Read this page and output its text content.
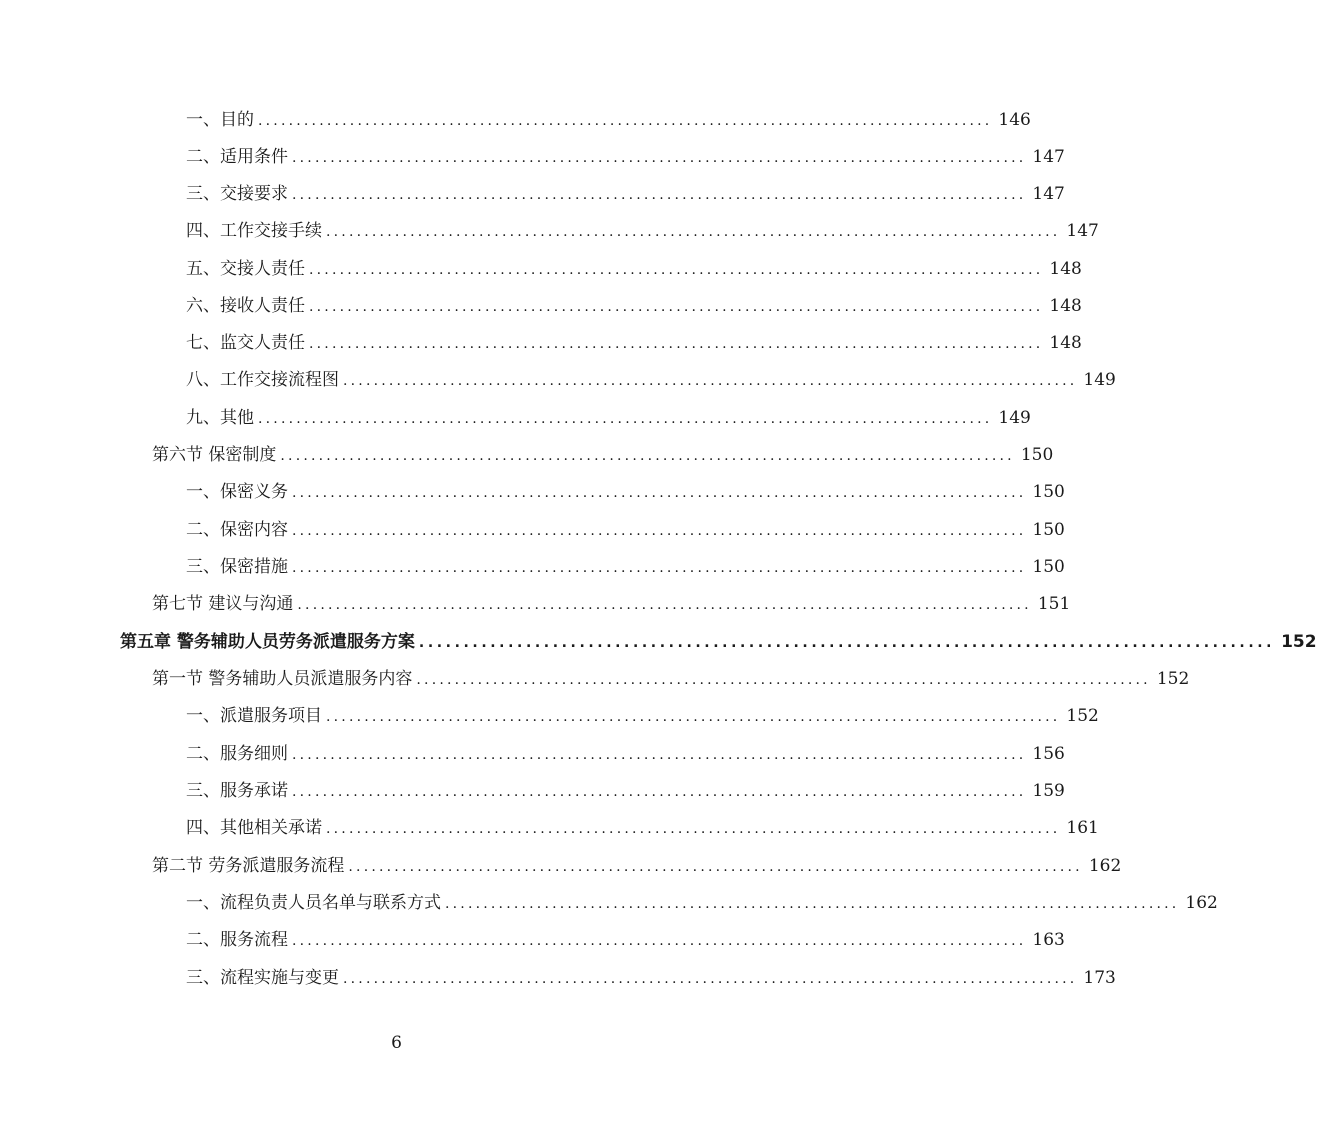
一、目的 ................................................................................................ 146
二、适用条件 ................................................................................................ 147
三、交接要求 ................................................................................................ 147
四、工作交接手续 ................................................................................................ 147
五、交接人责任 ................................................................................................ 148
六、接收人责任 ................................................................................................ 148
七、监交人责任 ................................................................................................ 148
八、工作交接流程图 ................................................................................................ 149
九、其他 ................................................................................................ 149
第六节 保密制度 ................................................................................................ 150
一、保密义务 ................................................................................................ 150
二、保密内容 ................................................................................................ 150
三、保密措施 ................................................................................................ 150
第七节 建议与沟通 ................................................................................................ 151
第五章 警务辅助人员劳务派遣服务方案 ................................................................................................ 152
第一节 警务辅助人员派遣服务内容 ................................................................................................ 152
一、派遣服务项目 ................................................................................................ 152
二、服务细则 ................................................................................................ 156
三、服务承诺 ................................................................................................ 159
四、其他相关承诺 ................................................................................................ 161
第二节 劳务派遣服务流程 ................................................................................................ 162
一、流程负责人员名单与联系方式 ................................................................................................ 162
二、服务流程 ................................................................................................ 163
三、流程实施与变更 ................................................................................................ 173
6
